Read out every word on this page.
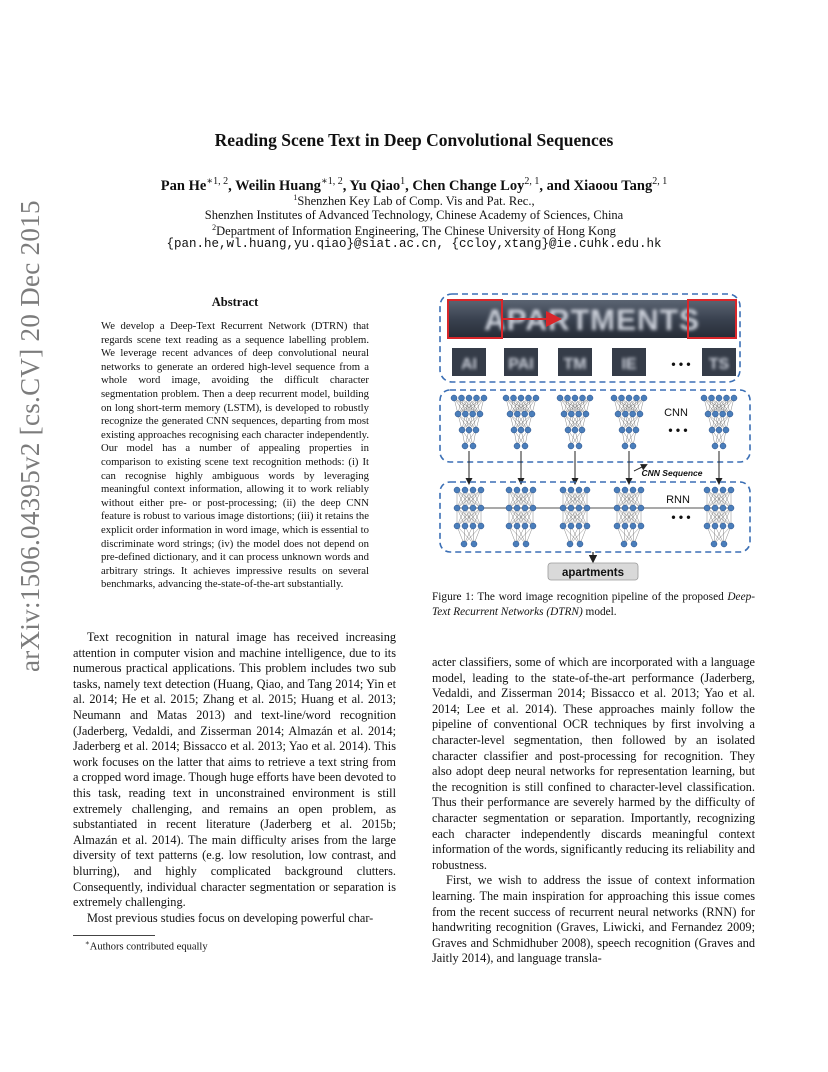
arXiv:1506.04395v2 [cs.CV] 20 Dec 2015
Reading Scene Text in Deep Convolutional Sequences
Pan $He^{∗1, 2}$, Weilin Huang$^{∗1, 2}$, Yu Qiao$^1$, Chen Change Loy$^{2, 1}$, and Xiaoou Tang$^{2, 1}$
$^1$Shenzhen Key Lab of Comp. Vis and Pat. Rec.,
Shenzhen Institutes of Advanced Technology, Chinese Academy of Sciences, China
$^2$Department of Information Engineering, The Chinese University of Hong Kong
{pan.he,wl.huang,yu.qiao}@siat.ac.cn, {ccloy,xtang}@ie.cuhk.edu.hk
Abstract
We develop a Deep-Text Recurrent Network (DTRN) that regards scene text reading as a sequence labelling problem. We leverage recent advances of deep convolutional neural networks to generate an ordered high-level sequence from a whole word image, avoiding the difficult character segmentation problem. Then a deep recurrent model, building on long short-term memory (LSTM), is developed to robustly recognize the generated CNN sequences, departing from most existing approaches recognising each character independently. Our model has a number of appealing properties in comparison to existing scene text recognition methods: (i) It can recognise highly ambiguous words by leveraging meaningful context information, allowing it to work reliably without either pre- or post-processing; (ii) the deep CNN feature is robust to various image distortions; (iii) it retains the explicit order information in word image, which is essential to discriminate word strings; (iv) the model does not depend on pre-defined dictionary, and it can process unknown words and arbitrary strings. It achieves impressive results on several benchmarks, advancing the-state-of-the-art substantially.

Text recognition in natural image has received increasing attention in computer vision and machine intelligence, due to its numerous practical applications. This problem includes two sub tasks, namely text detection (Huang, Qiao, and Tang 2014; Yin et al. 2014; He et al. 2015; Zhang et al. 2015; Huang et al. 2013; Neumann and Matas 2013) and text-line/word recognition (Jaderberg, Vedaldi, and Zisserman 2014; Almazán et al. 2014; Jaderberg et al. 2014; Bissacco et al. 2013; Yao et al. 2014). This work focuses on the latter that aims to retrieve a text string from a cropped word image. Though huge efforts have been devoted to this task, reading text in unconstrained environment is still extremely challenging, and remains an open problem, as substantiated in recent literature (Jaderberg et al. 2015b; Almazán et al. 2014). The main difficulty arises from the large diversity of text patterns (e.g. low resolution, low contrast, and blurring), and highly complicated background clutters. Consequently, individual character segmentation or separation is extremely challenging.

Most previous studies focus on developing powerful char-

∗Authors contributed equally

acter classifiers, some of which are incorporated with a language model, leading to the state-of-the-art performance (Jaderberg, Vedaldi, and Zisserman 2014; Bissacco et al. 2013; Yao et al. 2014; Lee et al. 2014). These approaches mainly follow the pipeline of conventional OCR techniques by first involving a character-level segmentation, then followed by an isolated character classifier and post-processing for recognition. They also adopt deep neural networks for representation learning, but the recognition is still confined to character-level classification. Thus their performance are severely harmed by the difficulty of character segmentation or separation. Importantly, recognizing each character independently discards meaningful context information of the words, significantly reducing its reliability and robustness.

First, we wish to address the issue of context information learning. The main inspiration for approaching this issue comes from the recent success of recurrent neural networks (RNN) for handwriting recognition (Graves, Liwicki, and Fernandez 2009; Graves and Schmidhuber 2008), speech recognition (Graves and Jaitly 2014), and language transla-

APARTMENTS
AI PAI TM IE	TS
• • •
CNN
• • •
CNN Sequence
RNN
• • •
apartments
Figure 1: The word image recognition pipeline of the proposed Deep-Text Recurrent Networks (DTRN) model.
